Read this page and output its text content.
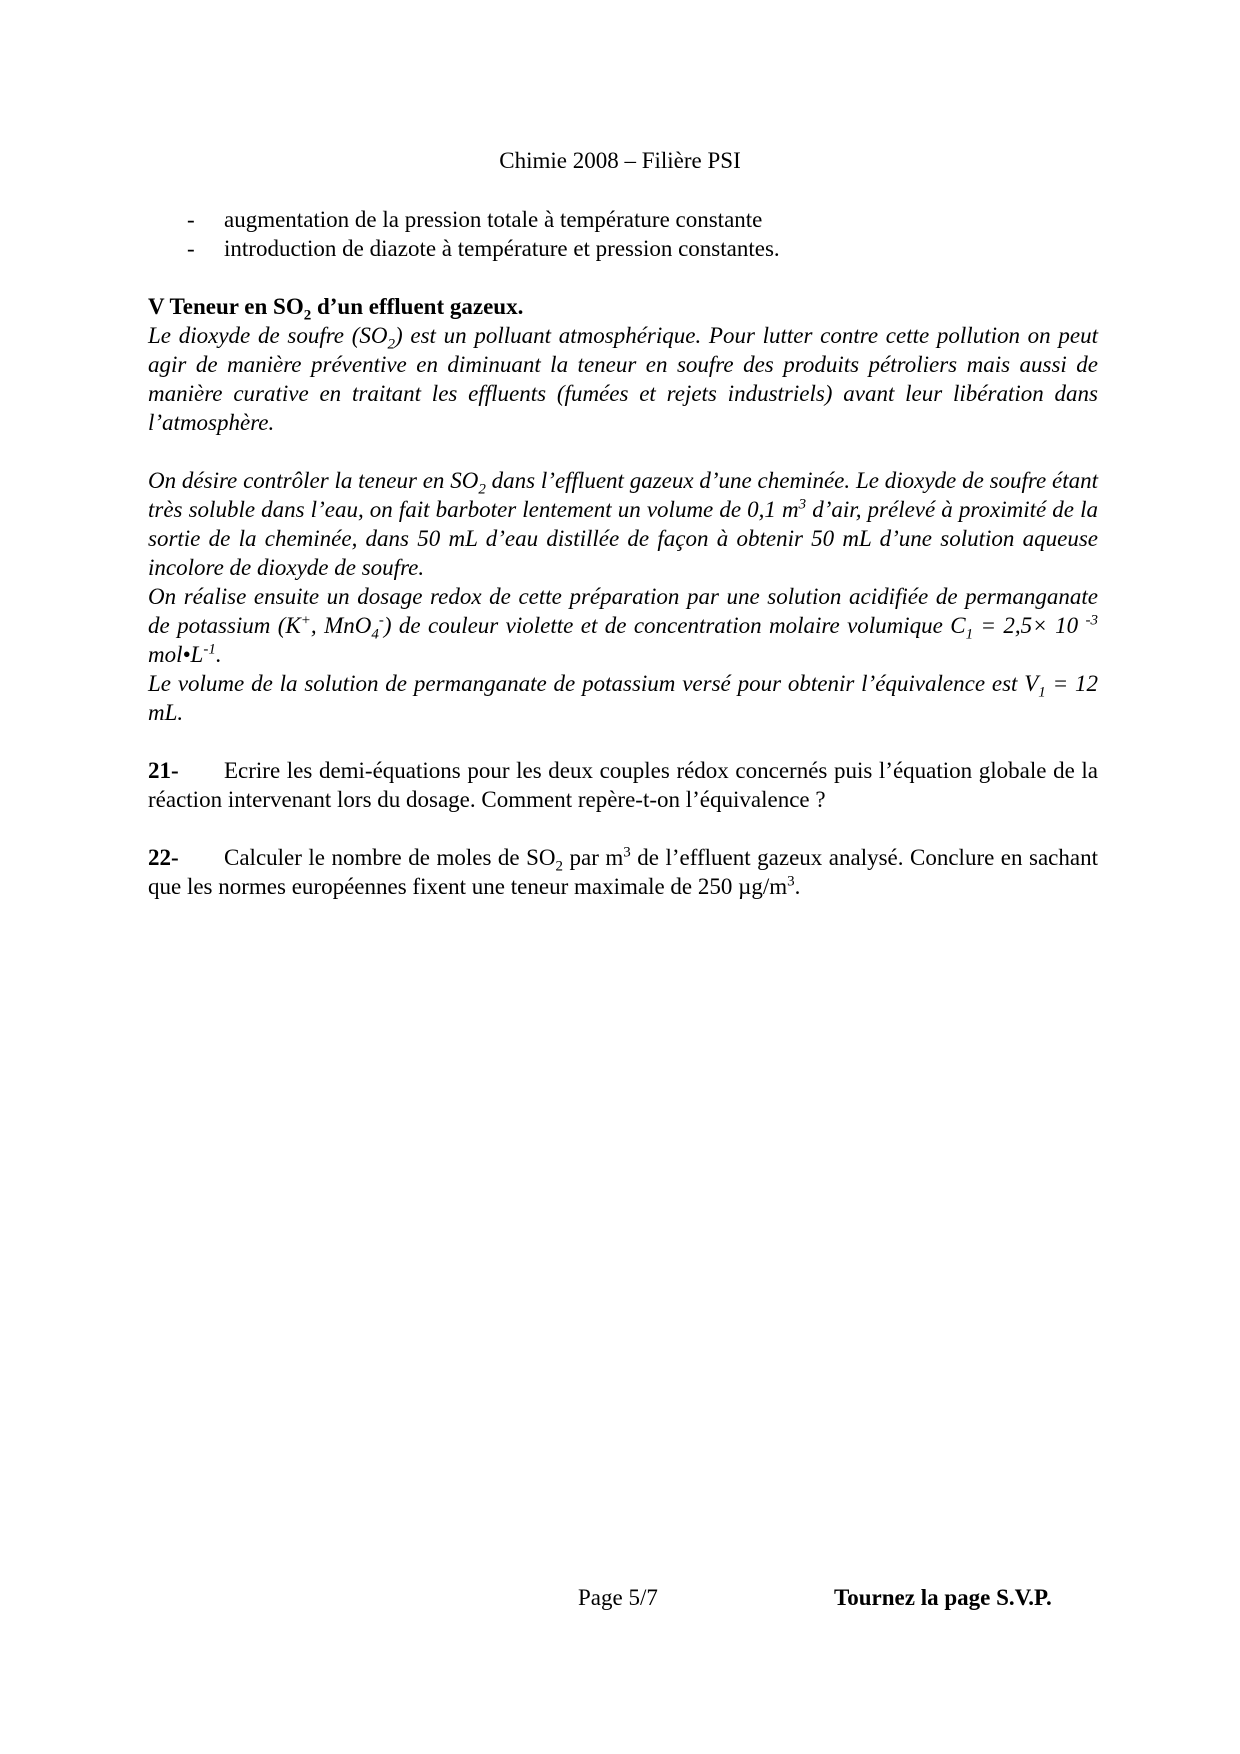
Chimie 2008 – Filière PSI
-	augmentation de la pression totale à température constante
-	introduction de diazote à température et pression constantes.
V Teneur en $SO_2$ d’un effluent gazeux.
Le dioxyde de soufre $(SO_2)$ est un polluant atmosphérique. Pour lutter contre cette pollution on peut agir de manière préventive en diminuant la teneur en soufre des produits pétroliers mais aussi de manière curative en traitant les effluents (fumées et rejets industriels) avant leur libération dans l’atmosphère.
On désire contrôler la teneur en $SO_2$ dans l’effluent gazeux d’une cheminée. Le dioxyde de soufre étant très soluble dans l’eau, on fait barboter lentement un volume de 0,1 $m^3$ d’air, prélevé à proximité de la sortie de la cheminée, dans 50 mL d’eau distillée de façon à obtenir 50 mL d’une solution aqueuse incolore de dioxyde de soufre.
On réalise ensuite un dosage redox de cette préparation par une solution acidifiée de permanganate de potassium (K+, MnO$_4$-) de couleur violette et de concentration molaire volumique $C_1 = 2,5\times 10$ $^{-3}$ $mol•L^{-1}$.
Le volume de la solution de permanganate de potassium versé pour obtenir l’équivalence est $V_1 = 12$ mL.
21- Ecrire les demi-équations pour les deux couples rédox concernés puis l’équation globale de la réaction intervenant lors du dosage. Comment repère-t-on l’équivalence ?
22- Calculer le nombre de moles de $SO_2$ par $m^3$ de l’effluent gazeux analysé. Conclure en sachant que les normes européennes fixent une teneur maximale de 250 $\mu g/m^3$.
Page 5/7	Tournez la page S.V.P.
